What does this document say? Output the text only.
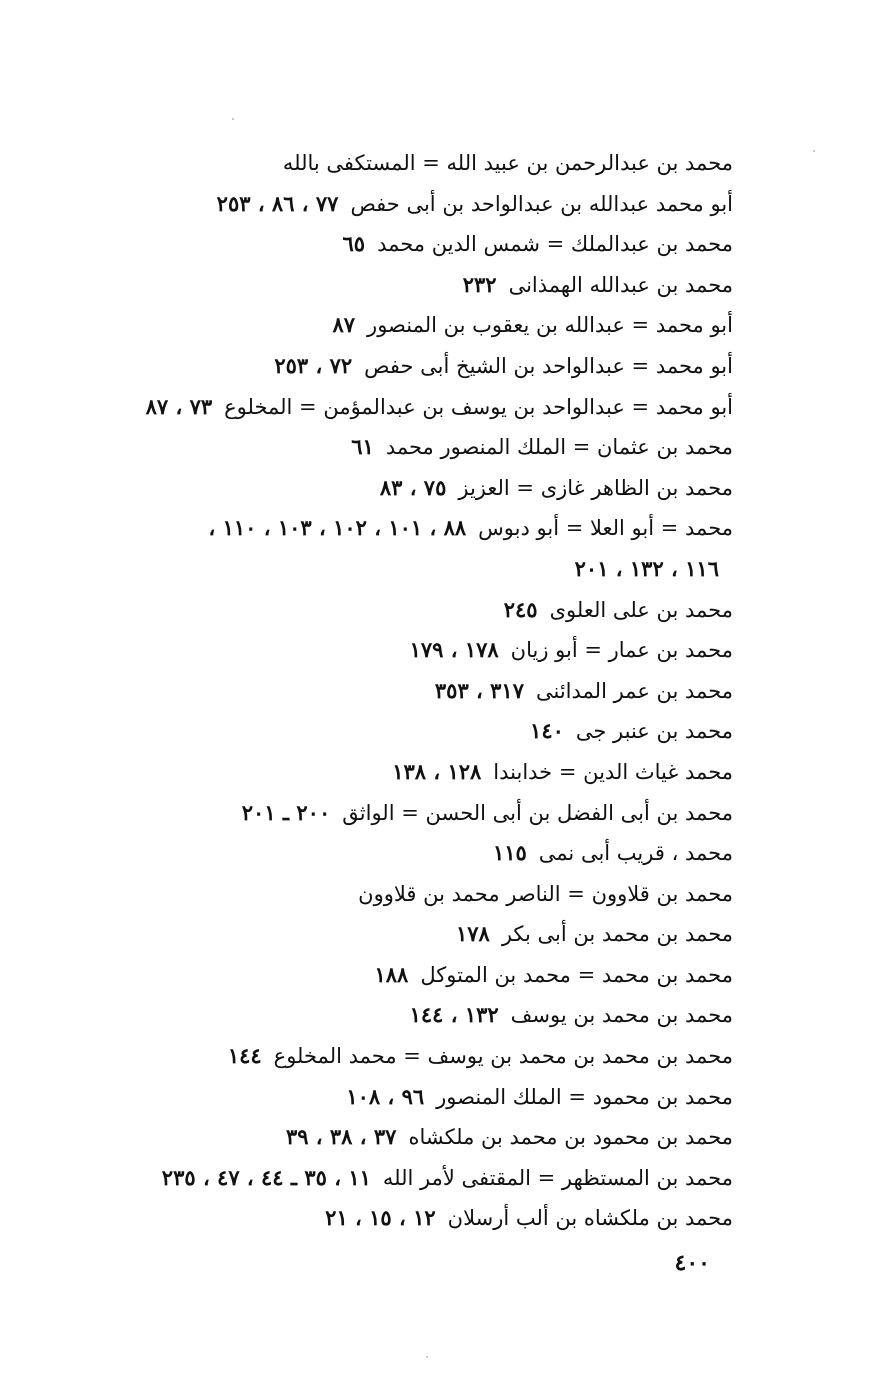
محمد بن عبدالرحمن بن عبيد الله = المستكفى بالله
أبو محمد عبدالله بن عبدالواحد بن أبى حفص٧٧ ، ٨٦ ، ٢٥٣
محمد بن عبدالملك = شمس الدين محمد٦٥
محمد بن عبدالله الهمذانى٢٣٢
أبو محمد = عبدالله بن يعقوب بن المنصور٨٧
أبو محمد = عبدالواحد بن الشيخ أبى حفص٧٢ ، ٢٥٣
أبو محمد = عبدالواحد بن يوسف بن عبدالمؤمن = المخلوع٧٣ ، ٨٧
محمد بن عثمان = الملك المنصور محمد٦١
محمد بن الظاهر غازى = العزيز٧٥ ، ٨٣
محمد = أبو العلا = أبو دبوس٨٨ ، ١٠١ ، ١٠٢ ، ١٠٣ ، ١١٠ ،
١١٦ ، ١٣٢ ، ٢٠١
محمد بن على العلوى٢٤٥
محمد بن عمار = أبو زيان١٧٨ ، ١٧٩
محمد بن عمر المدائنى٣١٧ ، ٣٥٣
محمد بن عنبر جى١٤٠
محمد غياث الدين = خدابندا١٢٨ ، ١٣٨
محمد بن أبى الفضل بن أبى الحسن = الواثق٢٠٠ ـ ٢٠١
محمد ، قريب أبى نمى١١٥
محمد بن قلاوون = الناصر محمد بن قلاوون
محمد بن محمد بن أبى بكر١٧٨
محمد بن محمد = محمد بن المتوكل١٨٨
محمد بن محمد بن يوسف١٣٢ ، ١٤٤
محمد بن محمد بن محمد بن يوسف = محمد المخلوع١٤٤
محمد بن محمود = الملك المنصور٩٦ ، ١٠٨
محمد بن محمود بن محمد بن ملكشاه٣٧ ، ٣٨ ، ٣٩
محمد بن المستظهر = المقتفى لأمر الله١١ ، ٣٥ ـ ٤٤ ، ٤٧ ، ٢٣٥
محمد بن ملكشاه بن ألب أرسلان١٢ ، ١٥ ، ٢١
٤٠٠
